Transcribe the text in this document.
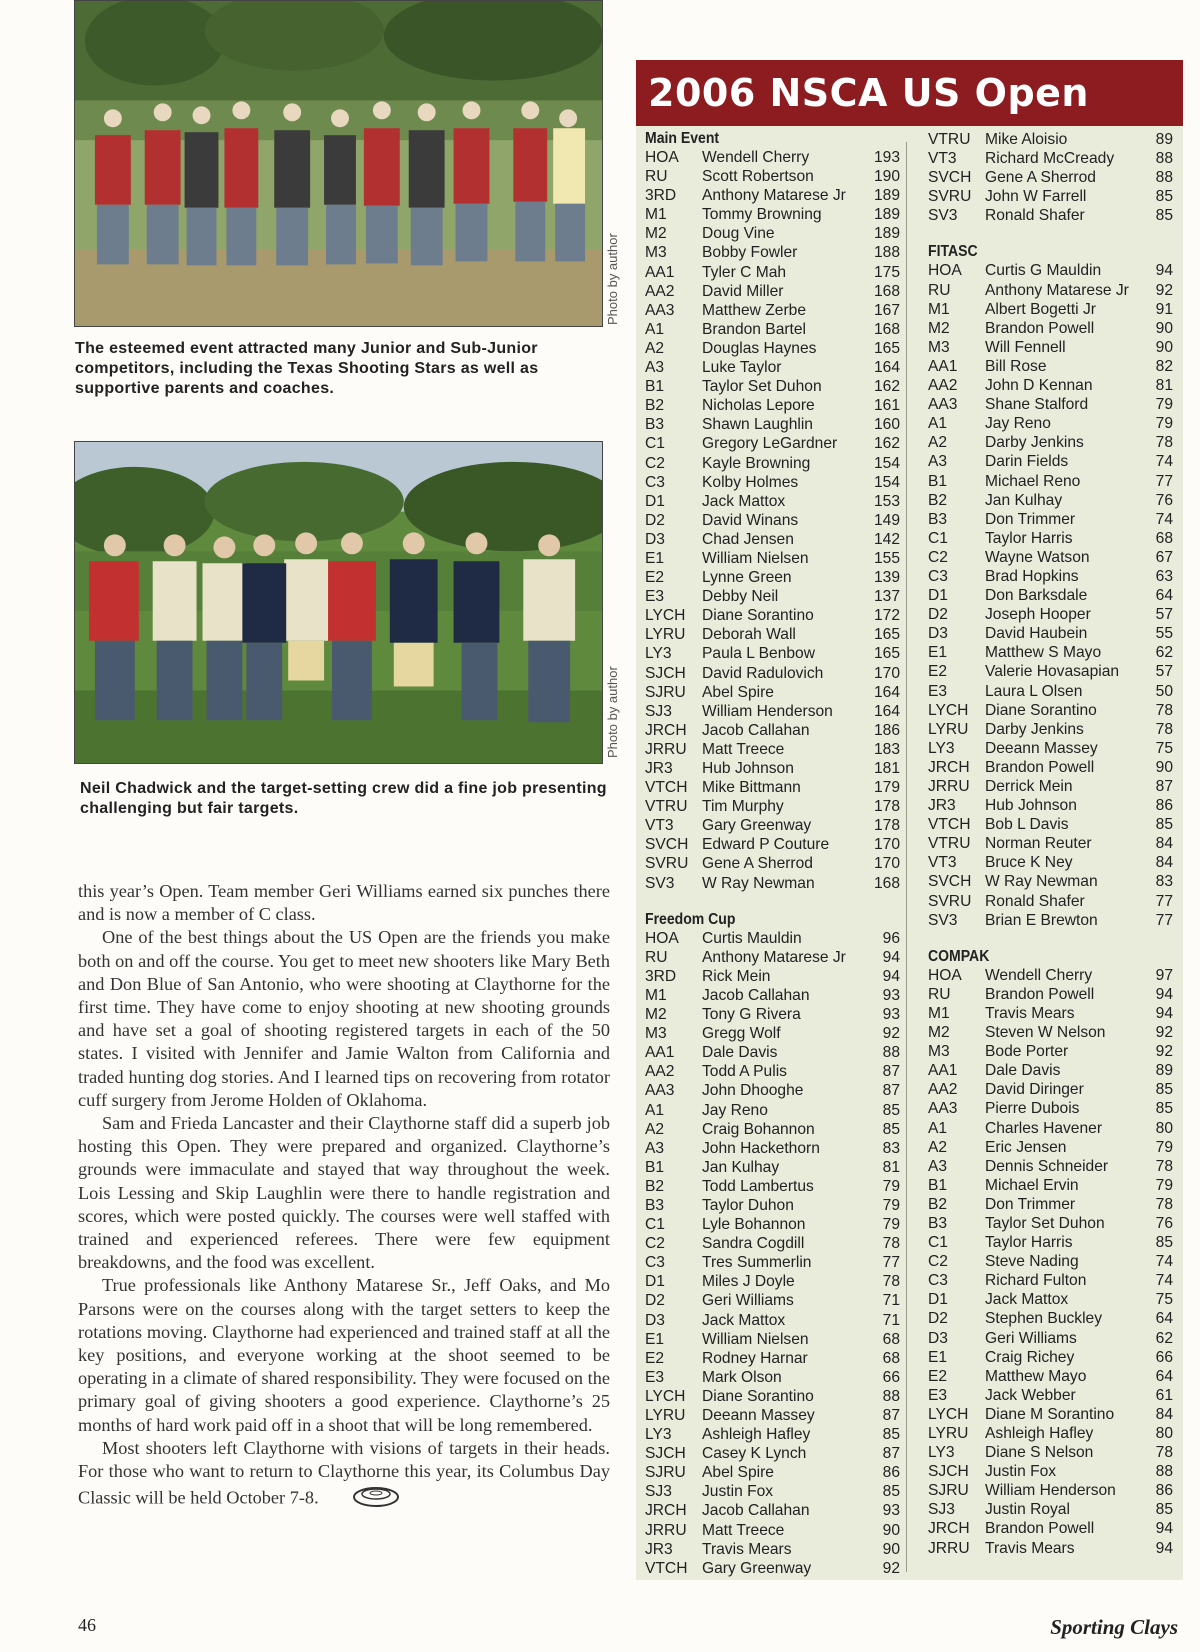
Photo by author
The esteemed event attracted many Junior and Sub-Junior competitors, including the Texas Shooting Stars as well as supportive parents and coaches.
Photo by author
Neil Chadwick and the target-setting crew did a fine job presenting challenging but fair targets.

this year’s Open. Team member Geri Williams earned six punches there and is now a member of C class.

One of the best things about the US Open are the friends you make both on and off the course. You get to meet new shooters like Mary Beth and Don Blue of San Antonio, who were shooting at Claythorne for the first time. They have come to enjoy shooting at new shooting grounds and have set a goal of shooting registered targets in each of the 50 states. I visited with Jennifer and Jamie Walton from California and traded hunting dog stories. And I learned tips on recovering from rotator cuff surgery from Jerome Holden of Oklahoma.

Sam and Frieda Lancaster and their Claythorne staff did a superb job hosting this Open. They were prepared and organized. Claythorne’s grounds were immaculate and stayed that way throughout the week. Lois Lessing and Skip Laughlin were there to handle registration and scores, which were posted quickly. The courses were well staffed with trained and experienced referees. There were few equipment breakdowns, and the food was excellent.

True professionals like Anthony Matarese Sr., Jeff Oaks, and Mo Parsons were on the courses along with the target setters to keep the rotations moving. Claythorne had experienced and trained staff at all the key positions, and everyone working at the shoot seemed to be operating in a climate of shared responsibility. They were focused on the primary goal of giving shooters a good experience. Claythorne’s 25 months of hard work paid off in a shoot that will be long remembered.

Most shooters left Claythorne with visions of targets in their heads. For those who want to return to Claythorne this year, its Columbus Day Classic will be held October 7-8.

2006 NSCA US Open
Main Event
HOA	Wendell Cherry	193
RU	Scott Robertson	190
3RD	Anthony Matarese Jr	189
M1	Tommy Browning	189
M2	Doug Vine	189
M3	Bobby Fowler	188
AA1	Tyler C Mah	175
AA2	David Miller	168
AA3	Matthew Zerbe	167
A1	Brandon Bartel	168
A2	Douglas Haynes	165
A3	Luke Taylor	164
B1	Taylor Set Duhon	162
B2	Nicholas Lepore	161
B3	Shawn Laughlin	160
C1	Gregory LeGardner	162
C2	Kayle Browning	154
C3	Kolby Holmes	154
D1	Jack Mattox	153
D2	David Winans	149
D3	Chad Jensen	142
E1	William Nielsen	155
E2	Lynne Green	139
E3	Debby Neil	137
LYCH	Diane Sorantino	172
LYRU	Deborah Wall	165
LY3	Paula L Benbow	165
SJCH	David Radulovich	170
SJRU	Abel Spire	164
SJ3	William Henderson	164
JRCH Jacob Callahan	186
JRRU Matt Treece	183
JR3	Hub Johnson	181
VTCH Mike Bittmann	179
VTRU Tim Murphy	178
VT3	Gary Greenway	178
SVCH Edward P Couture	170
SVRU Gene A Sherrod	170
SV3	W Ray Newman	168
Freedom Cup
HOA	Curtis Mauldin	96
RU	Anthony Matarese Jr	94
3RD	Rick Mein	94
M1	Jacob Callahan	93
M2	Tony G Rivera	93
M3	Gregg Wolf	92
AA1	Dale Davis	88
AA2	Todd A Pulis	87
AA3	John Dhooghe	87
A1	Jay Reno	85
A2	Craig Bohannon	85
A3	John Hackethorn	83
B1	Jan Kulhay	81
B2	Todd Lambertus	79
B3	Taylor Duhon	79
C1	Lyle Bohannon	79
C2	Sandra Cogdill	78
C3	Tres Summerlin	77
D1	Miles J Doyle	78
D2	Geri Williams	71
D3	Jack Mattox	71
E1	William Nielsen	68
E2	Rodney Harnar	68
E3	Mark Olson	66
LYCH	Diane Sorantino	88
LYRU	Deeann Massey	87
LY3	Ashleigh Hafley	85
SJCH	Casey K Lynch	87
SJRU	Abel Spire	86
SJ3	Justin Fox	85
JRCH Jacob Callahan	93
JRRU Matt Treece	90
JR3	Travis Mears	90
VTCH Gary Greenway	92
VTRU Mike Aloisio	89
VT3	Richard McCready	88
SVCH Gene A Sherrod	88
SVRU John W Farrell	85
SV3	Ronald Shafer	85
FITASC
HOA	Curtis G Mauldin	94
RU	Anthony Matarese Jr	92
M1	Albert Bogetti Jr	91
M2	Brandon Powell	90
M3	Will Fennell	90
AA1	Bill Rose	82
AA2	John D Kennan	81
AA3	Shane Stalford	79
A1	Jay Reno	79
A2	Darby Jenkins	78
A3	Darin Fields	74
B1	Michael Reno	77
B2	Jan Kulhay	76
B3	Don Trimmer	74
C1	Taylor Harris	68
C2	Wayne Watson	67
C3	Brad Hopkins	63
D1	Don Barksdale	64
D2	Joseph Hooper	57
D3	David Haubein	55
E1	Matthew S Mayo	62
E2	Valerie Hovasapian	57
E3	Laura L Olsen	50
LYCH	Diane Sorantino	78
LYRU	Darby Jenkins	78
LY3	Deeann Massey	75
JRCH Brandon Powell	90
JRRU Derrick Mein	87
JR3	Hub Johnson	86
VTCH Bob L Davis	85
VTRU Norman Reuter	84
VT3	Bruce K Ney	84
SVCH W Ray Newman	83
SVRU Ronald Shafer	77
SV3	Brian E Brewton	77
COMPAK
HOA	Wendell Cherry	97
RU	Brandon Powell	94
M1	Travis Mears	94
M2	Steven W Nelson	92
M3	Bode Porter	92
AA1	Dale Davis	89
AA2	David Diringer	85
AA3	Pierre Dubois	85
A1	Charles Havener	80
A2	Eric Jensen	79
A3	Dennis Schneider	78
B1	Michael Ervin	79
B2	Don Trimmer	78
B3	Taylor Set Duhon	76
C1	Taylor Harris	85
C2	Steve Nading	74
C3	Richard Fulton	74
D1	Jack Mattox	75
D2	Stephen Buckley	64
D3	Geri Williams	62
E1	Craig Richey	66
E2	Matthew Mayo	64
E3	Jack Webber	61
LYCH	Diane M Sorantino	84
LYRU	Ashleigh Hafley	80
LY3	Diane S Nelson	78
SJCH	Justin Fox	88
SJRU	William Henderson	86
SJ3	Justin Royal	85
JRCH Brandon Powell	94
JRRU Travis Mears	94
46	Sporting Clays
